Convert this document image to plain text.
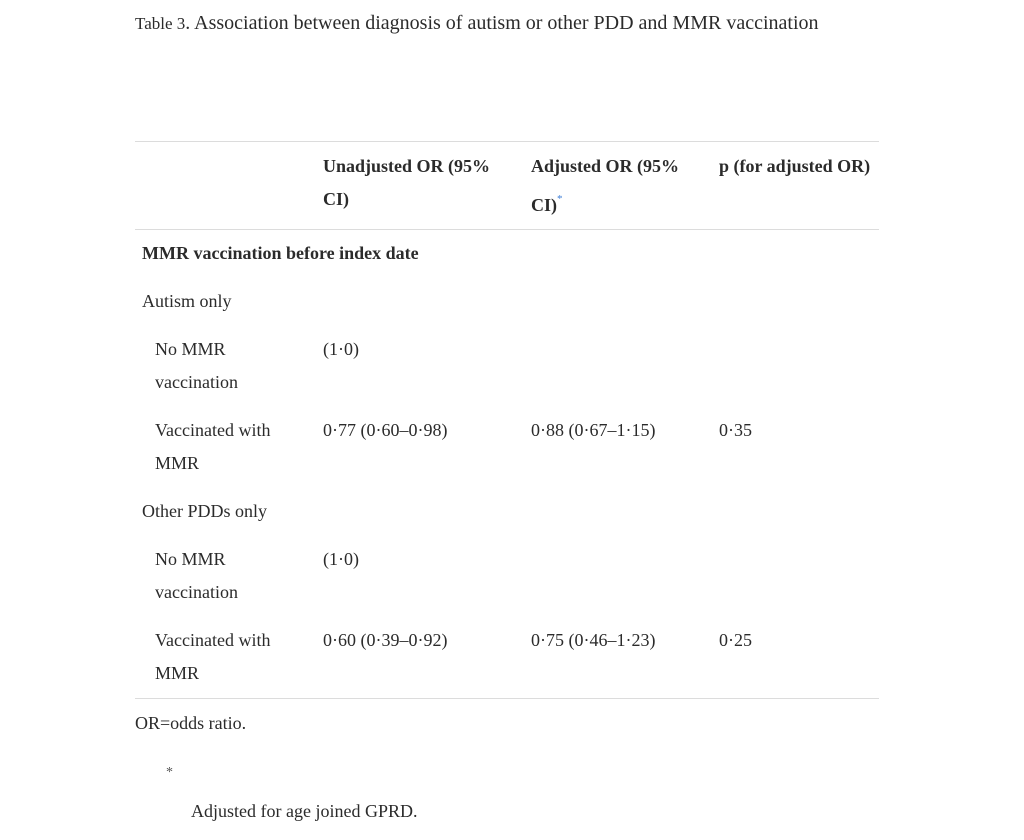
Table 3. Association between diagnosis of autism or other PDD and MMR vaccination
	Unadjusted OR (95% CI)	Adjusted OR (95% CI)*	p (for adjusted OR)
MMR vaccination before index date			
Autism only			
No MMR vaccination	(1·0)		
Vaccinated with MMR	0·77 (0·60–0·98)	0·88 (0·67–1·15)	0·35
Other PDDs only			
No MMR vaccination	(1·0)		
Vaccinated with MMR	0·60 (0·39–0·92)	0·75 (0·46–1·23)	0·25
OR=odds ratio.
*
Adjusted for age joined GPRD.
